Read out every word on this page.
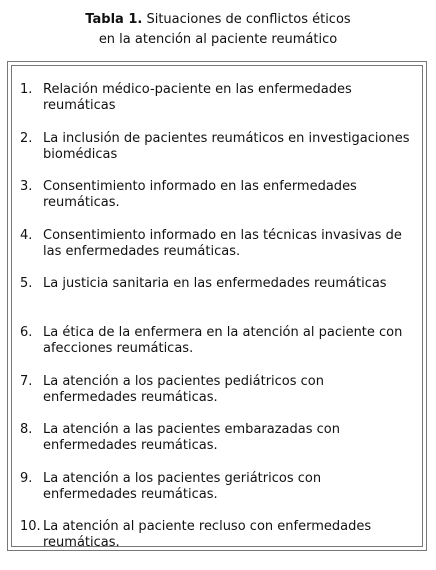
Tabla 1. Situaciones de conflictos éticos
en la atención al paciente reumático
1. Relación médico-paciente en las enfermedades reumáticas
2. La inclusión de pacientes reumáticos en investigaciones biomédicas
3. Consentimiento informado en las enfermedades reumáticas.
4. Consentimiento informado en las técnicas invasivas de las enfermedades reumáticas.
5. La justicia sanitaria en las enfermedades reumáticas
6. La ética de la enfermera en la atención al paciente con afecciones reumáticas.
7. La atención a los pacientes pediátricos con enfermedades reumáticas.
8. La atención a las pacientes embarazadas con enfermedades reumáticas.
9. La atención a los pacientes geriátricos con enfermedades reumáticas.
10. La atención al paciente recluso con enfermedades reumáticas.
